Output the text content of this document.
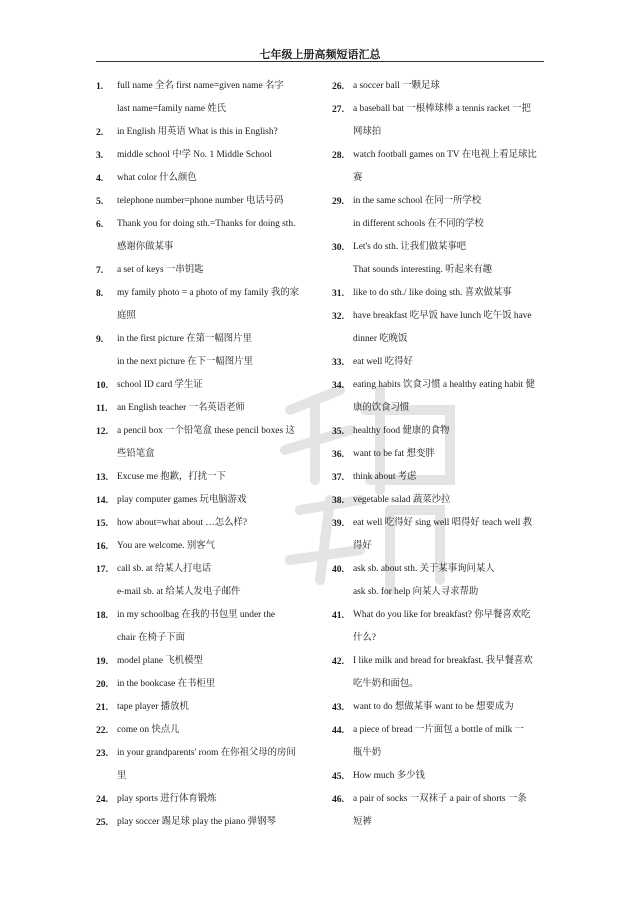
七年级上册高频短语汇总
1. full name 全名 first name=given name 名字
last name=family name 姓氏
2. in English 用英语 What is this in English?
3. middle school 中学 No. 1 Middle School
4. what color 什么颜色
5. telephone number=phone number 电话号码
6. Thank you for doing sth.=Thanks for doing sth.
感谢你做某事
7. a set of keys 一串钥匙
8. my family photo = a photo of my family 我的家
庭照
9. in the first picture 在第一幅图片里
in the next picture 在下一幅图片里
10. school ID card 学生证
11. an English teacher 一名英语老师
12. a pencil box 一个铅笔盒 these pencil boxes 这
些铅笔盒
13. Excuse me 抱歉，打扰一下
14. play computer games 玩电脑游戏
15. how about=what about …怎么样?
16. You are welcome. 别客气
17. call sb. at 给某人打电话
e-mail sb. at 给某人发电子邮件
18. in my schoolbag 在我的书包里 under the
chair 在椅子下面
19. model plane 飞机模型
20. in the bookcase 在书柜里
21. tape player 播放机
22. come on 快点儿
23. in your grandparents' room 在你祖父母的房间
里
24. play sports 进行体育锻炼
25. play soccer 踢足球 play the piano 弹钢琴
26. a soccer ball 一颗足球
27. a baseball bat 一根棒球棒 a tennis racket 一把
网球拍
28. watch football games on TV 在电视上看足球比
赛
29. in the same school 在同一所学校
in different schools 在不同的学校
30. Let's do sth. 让我们做某事吧
That sounds interesting. 听起来有趣
31. like to do sth./ like doing sth. 喜欢做某事
32. have breakfast 吃早饭 have lunch 吃午饭 have
dinner 吃晚饭
33. eat well 吃得好
34. eating habits 饮食习惯 a healthy eating habit 健
康的饮食习惯
35. healthy food 健康的食物
36. want to be fat 想变胖
37. think about 考虑
38. vegetable salad 蔬菜沙拉
39. eat well 吃得好 sing well 唱得好 teach well 教
得好
40. ask sb. about sth. 关于某事询问某人
ask sb. for help 向某人寻求帮助
41. What do you like for breakfast? 你早餐喜欢吃
什么?
42. I like milk and bread for breakfast. 我早餐喜欢
吃牛奶和面包。
43. want to do 想做某事 want to be 想要成为
44. a piece of bread 一片面包 a bottle of milk 一
瓶牛奶
45. How much 多少钱
46. a pair of socks 一双袜子 a pair of shorts 一条
短裤
